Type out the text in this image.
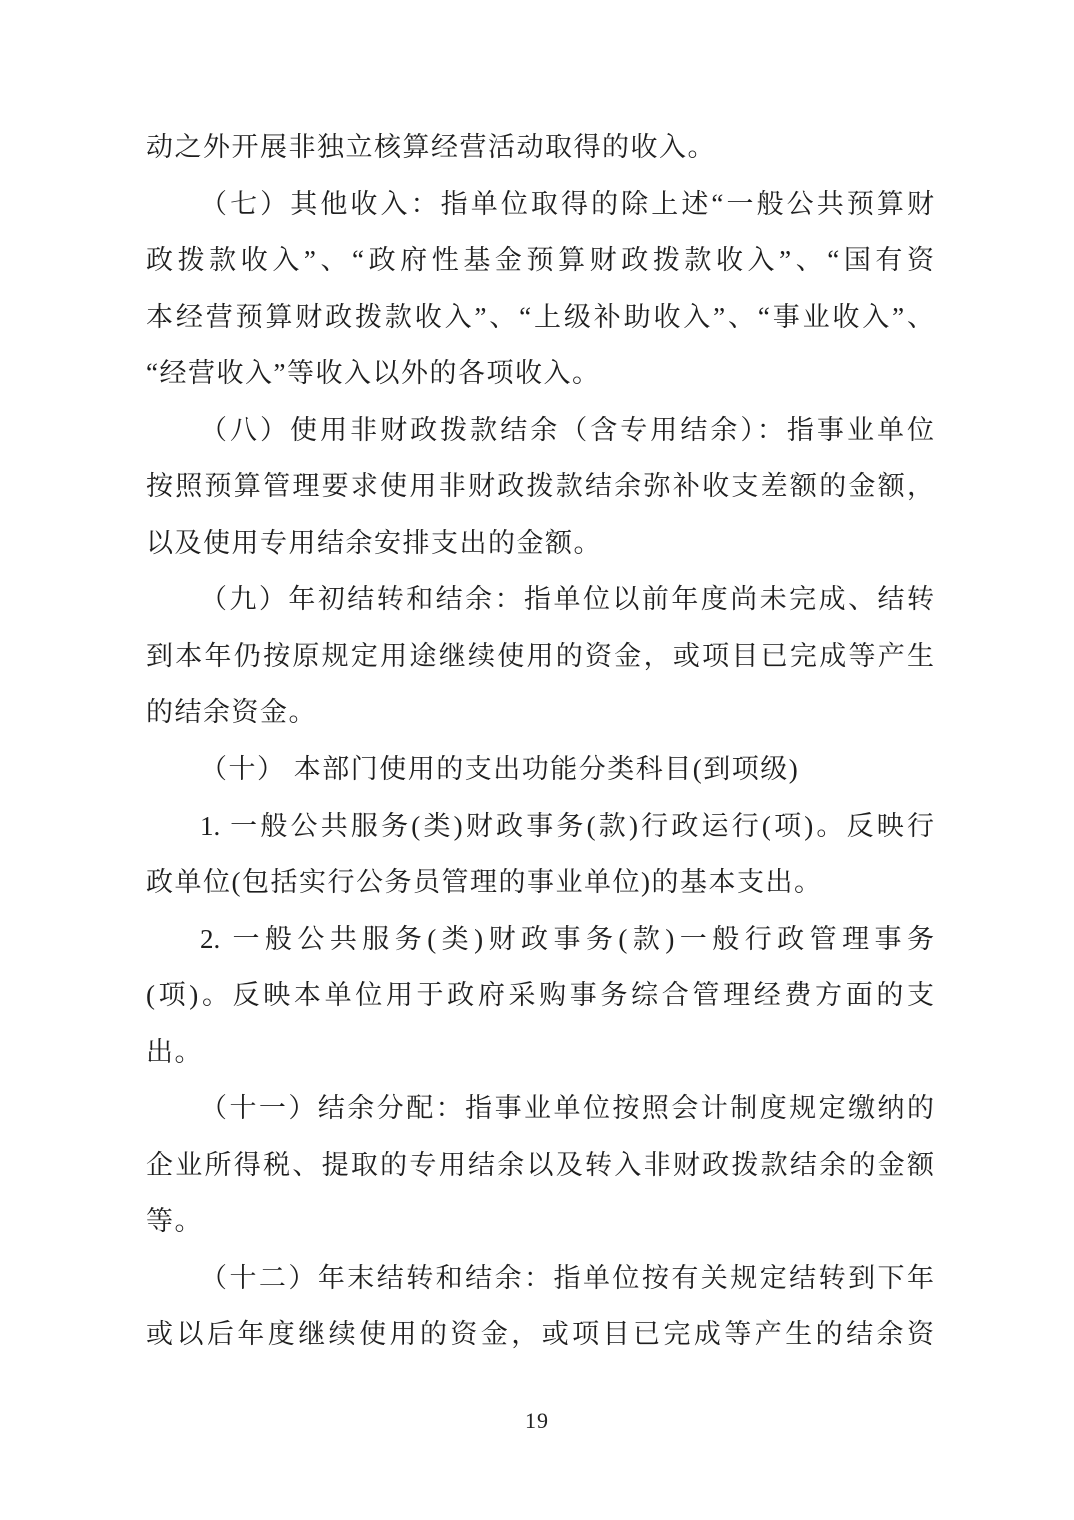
动之外开展非独立核算经营活动取得的收入。
（七）其他收入：指单位取得的除上述“一般公共预算财
政拨款收入”、“政府性基金预算财政拨款收入”、“国有资
本经营预算财政拨款收入”、“上级补助收入”、“事业收入”、
“经营收入”等收入以外的各项收入。
（八）使用非财政拨款结余（含专用结余）：指事业单位
按照预算管理要求使用非财政拨款结余弥补收支差额的金额，
以及使用专用结余安排支出的金额。
（九）年初结转和结余：指单位以前年度尚未完成、结转
到本年仍按原规定用途继续使用的资金，或项目已完成等产生
的结余资金。
（十） 本部门使用的支出功能分类科目(到项级)
1. 一般公共服务(类)财政事务(款)行政运行(项)。反映行
政单位(包括实行公务员管理的事业单位)的基本支出。
2. 一般公共服务(类)财政事务(款)一般行政管理事务
(项)。反映本单位用于政府采购事务综合管理经费方面的支
出。
（十一）结余分配：指事业单位按照会计制度规定缴纳的
企业所得税、提取的专用结余以及转入非财政拨款结余的金额
等。
（十二）年末结转和结余：指单位按有关规定结转到下年
或以后年度继续使用的资金，或项目已完成等产生的结余资
19
